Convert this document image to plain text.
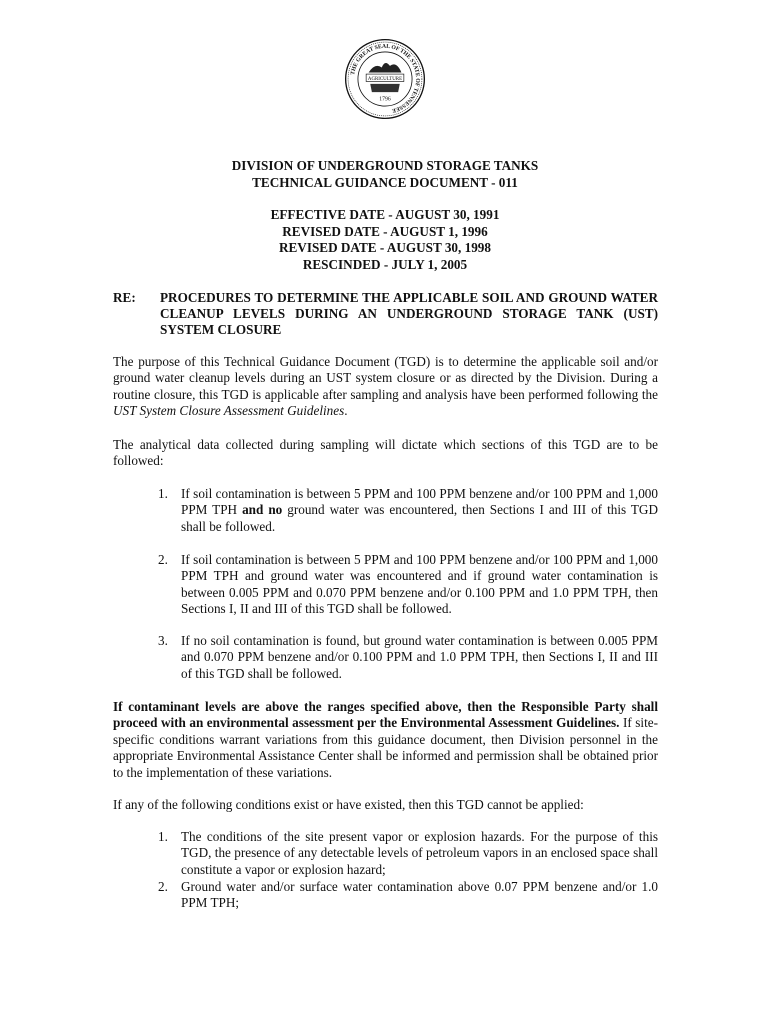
THE GREAT SEAL OF THE STATE OF TENNESSEE
AGRICULTURE
1796
DIVISION OF UNDERGROUND STORAGE TANKS
TECHNICAL GUIDANCE DOCUMENT - 011
EFFECTIVE DATE - AUGUST 30, 1991
REVISED DATE - AUGUST 1, 1996
REVISED DATE - AUGUST 30, 1998
RESCINDED - JULY 1, 2005
RE: PROCEDURES TO DETERMINE THE APPLICABLE SOIL AND GROUND WATER CLEANUP LEVELS DURING AN UNDERGROUND STORAGE TANK (UST) SYSTEM CLOSURE
The purpose of this Technical Guidance Document (TGD) is to determine the applicable soil and/or ground water cleanup levels during an UST system closure or as directed by the Division. During a routine closure, this TGD is applicable after sampling and analysis have been performed following the UST System Closure Assessment Guidelines.
The analytical data collected during sampling will dictate which sections of this TGD are to be followed:
1. If soil contamination is between 5 PPM and 100 PPM benzene and/or 100 PPM and 1,000 PPM TPH and no ground water was encountered, then Sections I and III of this TGD shall be followed.
2. If soil contamination is between 5 PPM and 100 PPM benzene and/or 100 PPM and 1,000 PPM TPH and ground water was encountered and if ground water contamination is between 0.005 PPM and 0.070 PPM benzene and/or 0.100 PPM and 1.0 PPM TPH, then Sections I, II and III of this TGD shall be followed.
3. If no soil contamination is found, but ground water contamination is between 0.005 PPM and 0.070 PPM benzene and/or 0.100 PPM and 1.0 PPM TPH, then Sections I, II and III of this TGD shall be followed.
If contaminant levels are above the ranges specified above, then the Responsible Party shall proceed with an environmental assessment per the Environmental Assessment Guidelines. If site-specific conditions warrant variations from this guidance document, then Division personnel in the appropriate Environmental Assistance Center shall be informed and permission shall be obtained prior to the implementation of these variations.
If any of the following conditions exist or have existed, then this TGD cannot be applied:
1. The conditions of the site present vapor or explosion hazards. For the purpose of this TGD, the presence of any detectable levels of petroleum vapors in an enclosed space shall constitute a vapor or explosion hazard;
2. Ground water and/or surface water contamination above 0.07 PPM benzene and/or 1.0 PPM TPH;
